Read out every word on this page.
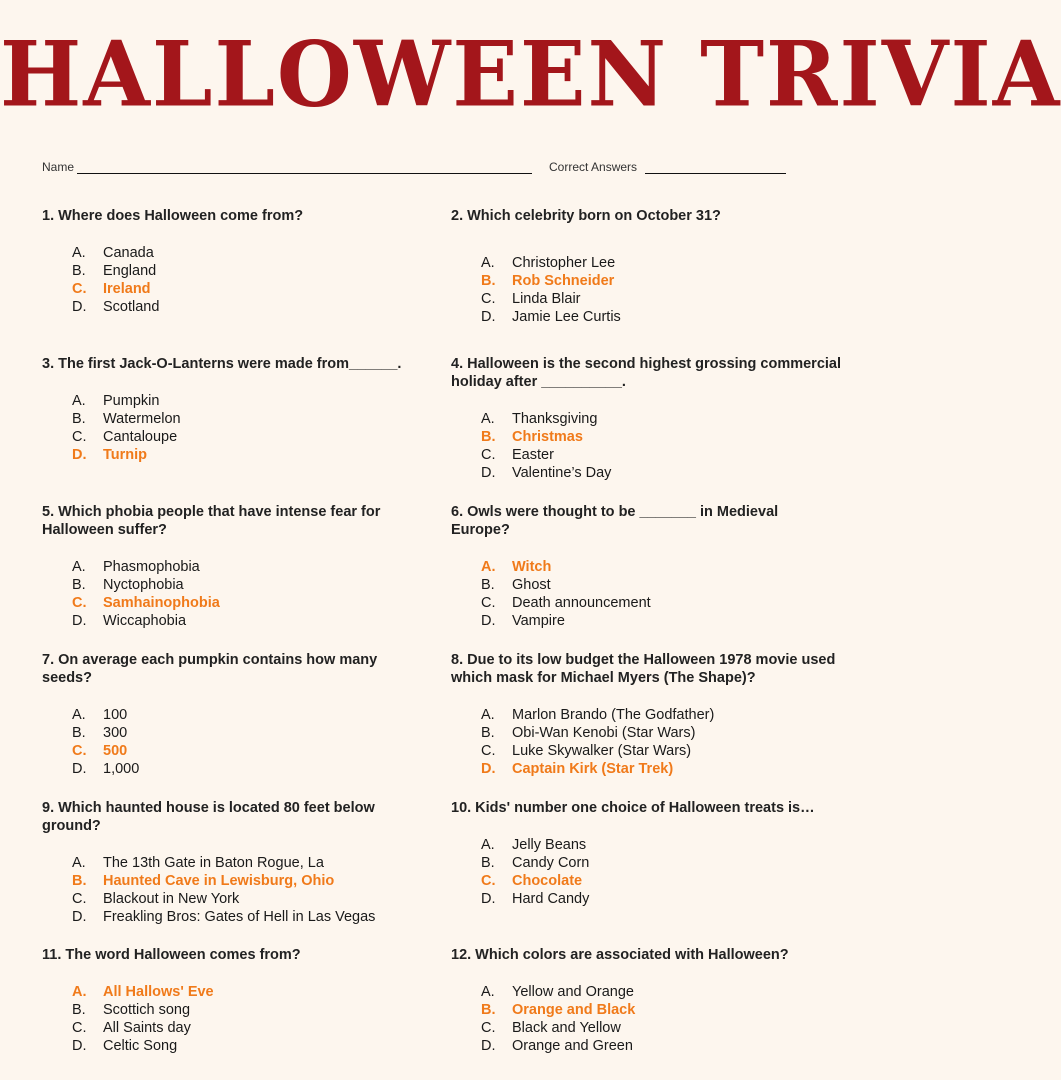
HALLOWEEN TRIVIA
Name	Correct Answers

1. Where does Halloween come from?

A. Canada
B. England
C. Ireland
D. Scotland

2. Which celebrity born on October 31?

A. Christopher Lee
B. Rob Schneider
C. Linda Blair
D. Jamie Lee Curtis

3. The first Jack-O-Lanterns were made from______.

A. Pumpkin
B. Watermelon
C. Cantaloupe
D. Turnip

4. Halloween is the second highest grossing commercial holiday after __________.

A. Thanksgiving
B. Christmas
C. Easter
D. Valentine’s Day

5. Which phobia people that have intense fear for Halloween suffer?

A. Phasmophobia
B. Nyctophobia
C. Samhainophobia
D. Wiccaphobia

6. Owls were thought to be _______ in Medieval Europe?

A. Witch
B. Ghost
C. Death announcement
D. Vampire

7. On average each pumpkin contains how many seeds?

A. 100
B. 300
C. 500
D. 1,000

8. Due to its low budget the Halloween 1978 movie used which mask for Michael Myers (The Shape)?

A. Marlon Brando (The Godfather)
B. Obi-Wan Kenobi (Star Wars)
C. Luke Skywalker (Star Wars)
D. Captain Kirk (Star Trek)

9. Which haunted house is located 80 feet below ground?

A. The 13th Gate in Baton Rogue, La
B. Haunted Cave in Lewisburg, Ohio
C. Blackout in New York
D. Freakling Bros: Gates of Hell in Las Vegas

10. Kids' number one choice of Halloween treats is…

A. Jelly Beans
B. Candy Corn
C. Chocolate
D. Hard Candy

11. The word Halloween comes from?

A. All Hallows' Eve
B. Scottich song
C. All Saints day
D. Celtic Song

12. Which colors are associated with Halloween?

A. Yellow and Orange
B. Orange and Black
C. Black and Yellow
D. Orange and Green
